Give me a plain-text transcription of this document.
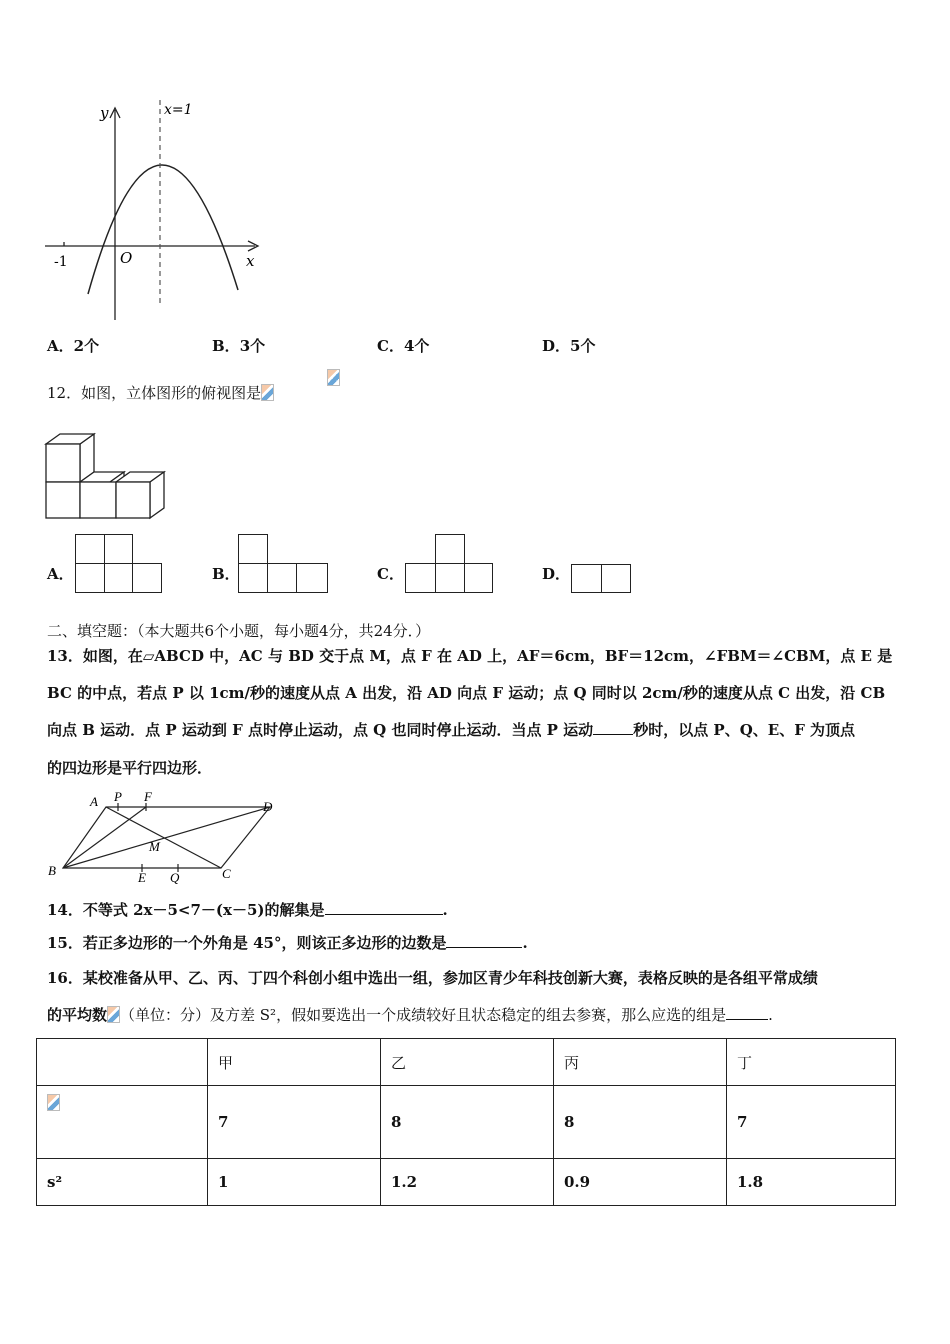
y	x=1
O
-1	x
A．2个	B．3个	C．4个	D．5个
12．如图，立体图形的俯视图是
A．	B．	C．	D．
二、填空题：（本大题共6个小题，每小题4分，共24分．）
13．如图，在▱ABCD 中，AC 与 BD 交于点 M，点 F 在 AD 上，AF＝6cm，BF＝12cm，∠FBM＝∠CBM，点 E 是
BC 的中点，若点 P 以 1cm/秒的速度从点 A 出发，沿 AD 向点 F 运动；点 Q 同时以 2cm/秒的速度从点 C 出发，沿 CB
向点 B 运动．点 P 运动到 F 点时停止运动，点 Q 也同时停止运动．当点 P 运动	秒时，以点 P、Q、E、F 为顶点
的四边形是平行四边形．
A P F
D
M
B	E Q	C
14．不等式 2x－5<7－(x－5)的解集是	.
15．若正多边形的一个外角是 45°，则该正多边形的边数是	.
16．某校准备从甲、乙、丙、丁四个科创小组中选出一组，参加区青少年科技创新大赛，表格反映的是各组平常成绩
的平均数 （单位：分）及方差 S²，假如要选出一个成绩较好且状态稳定的组去参赛，那么应选的组是	.
	甲	乙	丙	丁
	7	8	8	7
s²	1	1.2	0.9	1.8
